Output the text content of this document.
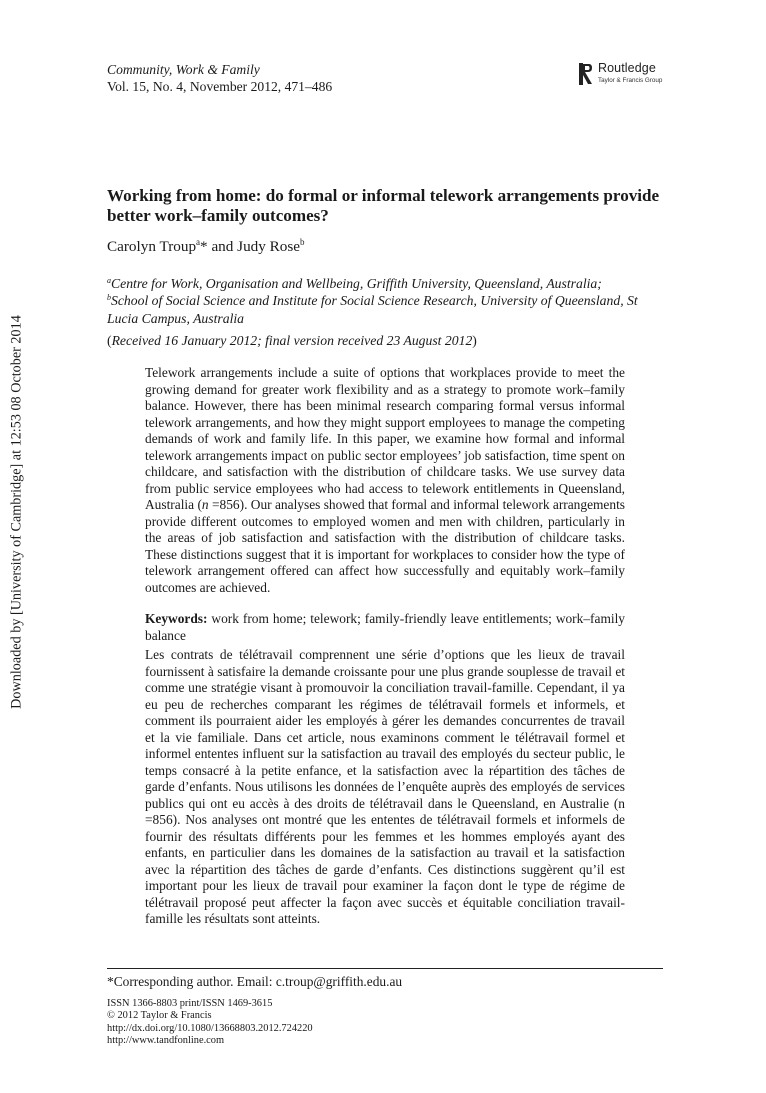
Community, Work & Family
Vol. 15, No. 4, November 2012, 471–486
Routledge
Taylor & Francis Group
Downloaded by [University of Cambridge] at 12:53 08 October 2014
Working from home: do formal or informal telework arrangements provide better work–family outcomes?
Carolyn Troup$^a$* and Judy Rose$^b$

$^a$Centre for Work, Organisation and Wellbeing, Griffith University, Queensland, Australia;

$^b$School of Social Science and Institute for Social Science Research, University of Queensland, St Lucia Campus, Australia

(Received 16 January 2012; final version received 23 August 2012)

Telework arrangements include a suite of options that workplaces provide to meet the growing demand for greater work flexibility and as a strategy to promote work–family balance. However, there has been minimal research comparing formal versus informal telework arrangements, and how they might support employees to manage the competing demands of work and family life. In this paper, we examine how formal and informal telework arrangements impact on public sector employees’ job satisfaction, time spent on childcare, and satisfaction with the distribution of childcare tasks. We use survey data from public service employees who had access to telework entitlements in Queensland, Australia (n =856). Our analyses showed that formal and informal telework arrangements provide different outcomes to employed women and men with children, particularly in the areas of job satisfaction and satisfaction with the distribution of childcare tasks. These distinctions suggest that it is important for workplaces to consider how the type of telework arrangement offered can affect how successfully and equitably work–family outcomes are achieved.

Keywords: work from home; telework; family-friendly leave entitlements; work–family balance

Les contrats de télétravail comprennent une série d’options que les lieux de travail fournissent à satisfaire la demande croissante pour une plus grande souplesse de travail et comme une stratégie visant à promouvoir la conciliation travail-famille. Cependant, il ya eu peu de recherches comparant les régimes de télétravail formels et informels, et comment ils pourraient aider les employés à gérer les demandes concurrentes de travail et la vie familiale. Dans cet article, nous examinons comment le télétravail formel et informel ententes influent sur la satisfaction au travail des employés du secteur public, le temps consacré à la petite enfance, et la satisfaction avec la répartition des tâches de garde d’enfants. Nous utilisons les données de l’enquête auprès des employés de services publics qui ont eu accès à des droits de télétravail dans le Queensland, en Australie (n =856). Nos analyses ont montré que les ententes de télétravail formels et informels de fournir des résultats différents pour les femmes et les hommes employés ayant des enfants, en particulier dans les domaines de la satisfaction au travail et la satisfaction avec la répartition des tâches de garde d’enfants. Ces distinctions suggèrent qu’il est important pour les lieux de travail pour examiner la façon dont le type de régime de télétravail proposé peut affecter la façon avec succès et équitable conciliation travail-famille les résultats sont atteints.

*Corresponding author. Email: c.troup@griffith.edu.au
ISSN 1366-8803 print/ISSN 1469-3615
© 2012 Taylor & Francis
http://dx.doi.org/10.1080/13668803.2012.724220
http://www.tandfonline.com
